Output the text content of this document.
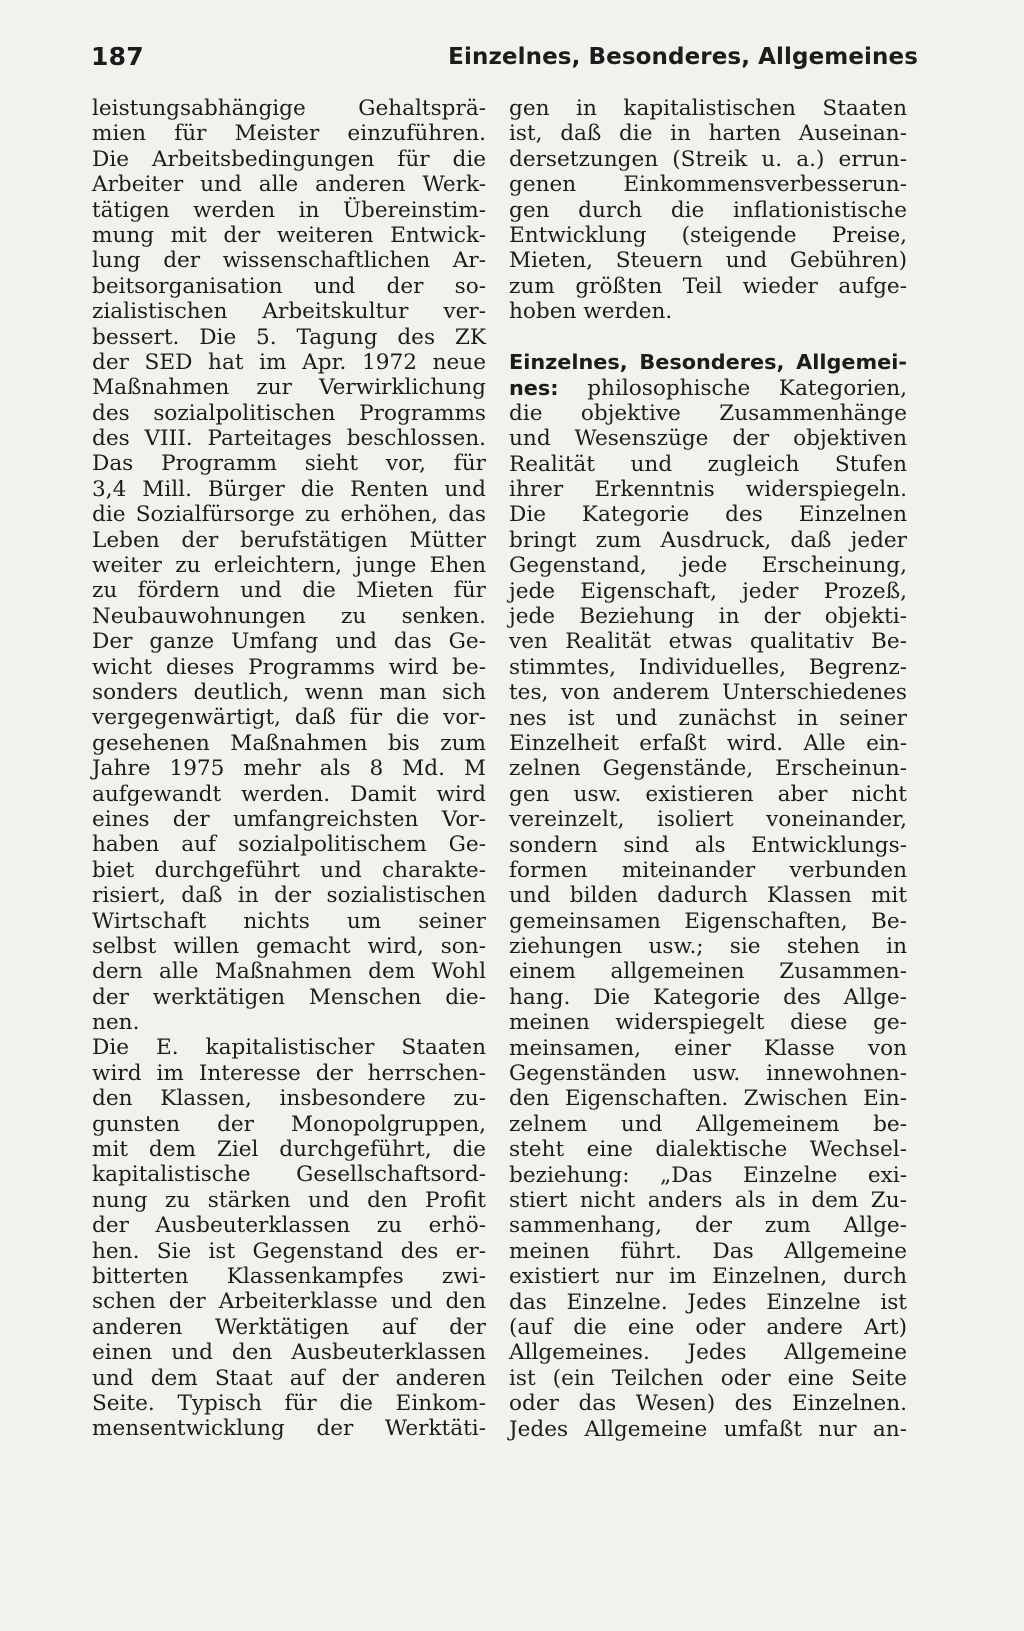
187	Einzelnes, Besonderes, Allgemeines
leistungsabhängige Gehaltsprä-
mien für Meister einzuführen.
Die Arbeitsbedingungen für die
Arbeiter und alle anderen Werk-
tätigen werden in Übereinstim-
mung mit der weiteren Entwick-
lung der wissenschaftlichen Ar-
beitsorganisation und der so-
zialistischen Arbeitskultur ver-
bessert. Die 5. Tagung des ZK
der SED hat im Apr. 1972 neue
Maßnahmen zur Verwirklichung
des sozialpolitischen Programms
des VIII. Parteitages beschlossen.
Das Programm sieht vor, für
3,4 Mill. Bürger die Renten und
die Sozialfürsorge zu erhöhen, das
Leben der berufstätigen Mütter
weiter zu erleichtern, junge Ehen
zu fördern und die Mieten für
Neubauwohnungen zu senken.
Der ganze Umfang und das Ge-
wicht dieses Programms wird be-
sonders deutlich, wenn man sich
vergegenwärtigt, daß für die vor-
gesehenen Maßnahmen bis zum
Jahre 1975 mehr als 8 Md. M
aufgewandt werden. Damit wird
eines der umfangreichsten Vor-
haben auf sozialpolitischem Ge-
biet durchgeführt und charakte-
risiert, daß in der sozialistischen
Wirtschaft nichts um seiner
selbst willen gemacht wird, son-
dern alle Maßnahmen dem Wohl
der werktätigen Menschen die-
nen.
Die E. kapitalistischer Staaten
wird im Interesse der herrschen-
den Klassen, insbesondere zu-
gunsten der Monopolgruppen,
mit dem Ziel durchgeführt, die
kapitalistische Gesellschaftsord-
nung zu stärken und den Profit
der Ausbeuterklassen zu erhö-
hen. Sie ist Gegenstand des er-
bitterten Klassenkampfes zwi-
schen der Arbeiterklasse und den
anderen Werktätigen auf der
einen und den Ausbeuterklassen
und dem Staat auf der anderen
Seite. Typisch für die Einkom-
mensentwicklung der Werktäti-
gen in kapitalistischen Staaten
ist, daß die in harten Auseinan-
dersetzungen (Streik u. a.) errun-
genen Einkommensverbesserun-
gen durch die inflationistische
Entwicklung (steigende Preise,
Mieten, Steuern und Gebühren)
zum größten Teil wieder aufge-
hoben werden.
Einzelnes, Besonderes, Allgemei-
nes: philosophische Kategorien,
die objektive Zusammenhänge
und Wesenszüge der objektiven
Realität und zugleich Stufen
ihrer Erkenntnis widerspiegeln.
Die Kategorie des Einzelnen
bringt zum Ausdruck, daß jeder
Gegenstand, jede Erscheinung,
jede Eigenschaft, jeder Prozeß,
jede Beziehung in der objekti-
ven Realität etwas qualitativ Be-
stimmtes, Individuelles, Begrenz-
tes, von anderem Unterschiedenes
nes ist und zunächst in seiner
Einzelheit erfaßt wird. Alle ein-
zelnen Gegenstände, Erscheinun-
gen usw. existieren aber nicht
vereinzelt, isoliert voneinander,
sondern sind als Entwicklungs-
formen miteinander verbunden
und bilden dadurch Klassen mit
gemeinsamen Eigenschaften, Be-
ziehungen usw.; sie stehen in
einem allgemeinen Zusammen-
hang. Die Kategorie des Allge-
meinen widerspiegelt diese ge-
meinsamen, einer Klasse von
Gegenständen usw. innewohnen-
den Eigenschaften. Zwischen Ein-
zelnem und Allgemeinem be-
steht eine dialektische Wechsel-
beziehung: „Das Einzelne exi-
stiert nicht anders als in dem Zu-
sammenhang, der zum Allge-
meinen führt. Das Allgemeine
existiert nur im Einzelnen, durch
das Einzelne. Jedes Einzelne ist
(auf die eine oder andere Art)
Allgemeines. Jedes Allgemeine
ist (ein Teilchen oder eine Seite
oder das Wesen) des Einzelnen.
Jedes Allgemeine umfaßt nur an-
